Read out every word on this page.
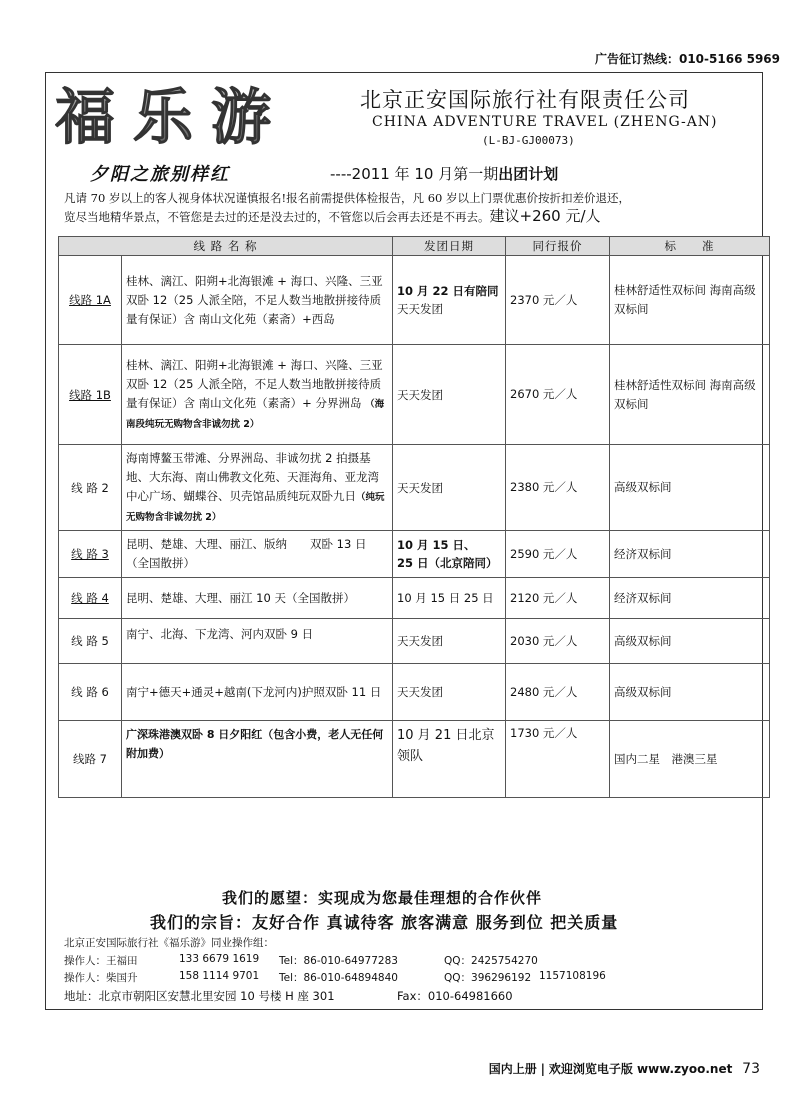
广告征订热线：010-5166 5969
福乐游	北京正安国际旅行社有限责任公司
CHINA ADVENTURE TRAVEL (ZHENG-AN)
(L-BJ-GJ00073)
夕阳之旅别样红	----2011 年 10 月第一期出团计划
凡请 70 岁以上的客人视身体状况谨慎报名!报名前需提供体检报告，凡 60 岁以上门票优惠价按折扣差价退还，
览尽当地精华景点，不管您是去过的还是没去过的，不管您以后会再去还是不再去。建议+260 元/人
线 路 名 称		发团日期	同行报价	标　　准
线路 1A	桂林、漓江、阳朔+北海银滩 + 海口、兴隆、三亚　双卧 12（25 人派全陪，不足人数当地散拼接待质量有保证）含 南山文化苑（素斋）+西岛	10 月 22 日有陪同
天天发团	2370 元／人	桂林舒适性双标间 海南高级双标间
线路 1B	桂林、漓江、阳朔+北海银滩 + 海口、兴隆、三亚　双卧 12（25 人派全陪，不足人数当地散拼接待质量有保证）含 南山文化苑（素斋）+ 分界洲岛 （海南段纯玩无购物含非诚勿扰 2）	天天发团	2670 元／人	桂林舒适性双标间 海南高级双标间
线 路 2	海南博鳌玉带滩、分界洲岛、非诚勿扰 2 拍摄基地、大东海、南山佛教文化苑、天涯海角、亚龙湾中心广场、蝴蝶谷、贝壳馆品质纯玩双卧九日（纯玩无购物含非诚勿扰 2）	天天发团	2380 元／人	高级双标间
线 路 3	昆明、楚雄、大理、丽江、版纳　　双卧 13 日（全国散拼）	10 月 15 日、
25 日（北京陪同）	2590 元／人	经济双标间
线 路 4	昆明、楚雄、大理、丽江 10 天（全国散拼）	10 月 15 日 25 日	2120 元／人	经济双标间
线 路 5	南宁、北海、下龙湾、河内双卧 9 日	天天发团	2030 元／人	高级双标间
线 路 6	南宁+德天+通灵+越南(下龙河内)护照双卧 11 日	天天发团	2480 元／人	高级双标间
线路 7	广深珠港澳双卧 8 日夕阳红（包含小费，老人无任何附加费）	10 月 21 日北京领队	1730 元／人	国内二星　港澳三星
我们的愿望：实现成为您最佳理想的合作伙伴
我们的宗旨：友好合作 真诚待客 旅客满意 服务到位 把关质量
北京正安国际旅行社《福乐游》同业操作组：
操作人：王福田	133 6679 1619 Tel：86-010-64977283	QQ：2425754270
操作人：柴国升	158 1114 9701 Tel：86-010-64894840	QQ：396296192 1157108196
地址：北京市朝阳区安慧北里安园 10 号楼 H 座 301	Fax：010-64981660
国内上册 | 欢迎浏览电子版 www.zyoo.net 73
